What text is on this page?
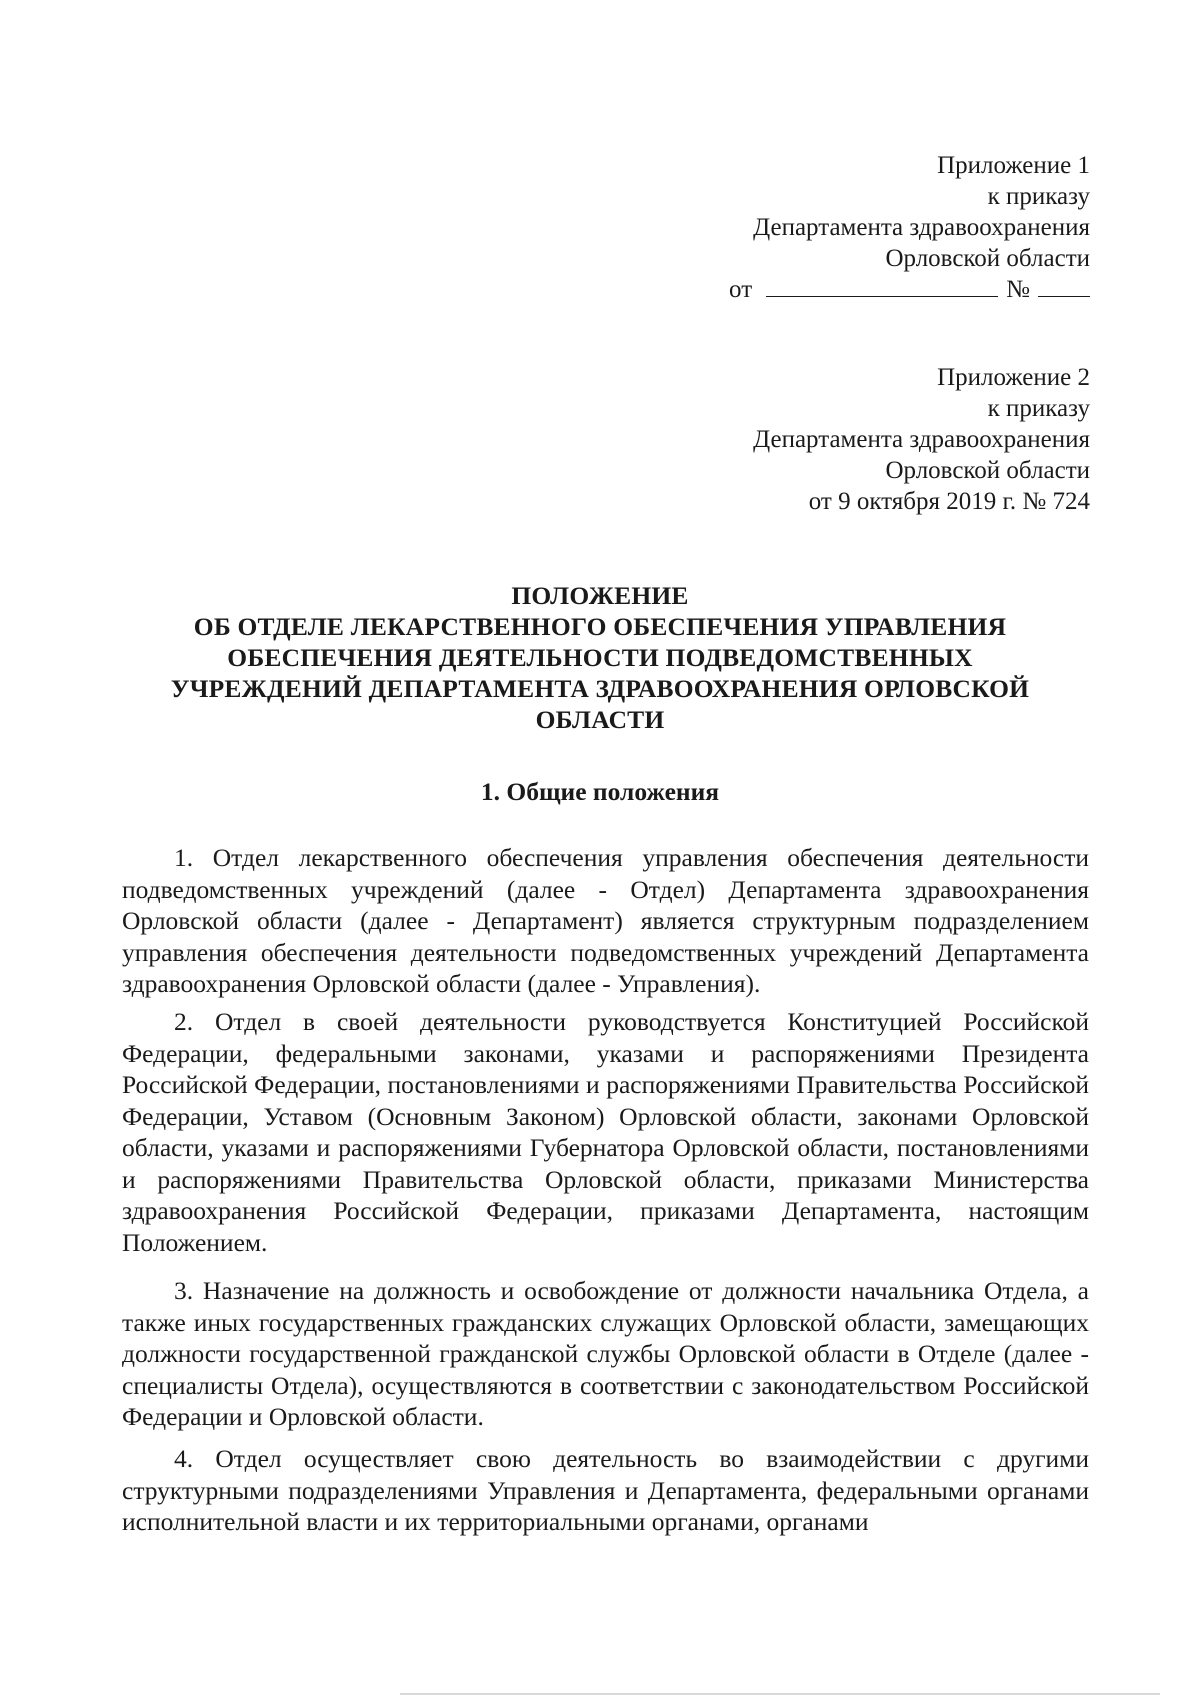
Приложение 1
к приказу
Департамента здравоохранения
Орловской области
от	№
Приложение 2
к приказу
Департамента здравоохранения
Орловской области
от 9 октября 2019 г. № 724
ПОЛОЖЕНИЕ
ОБ ОТДЕЛЕ ЛЕКАРСТВЕННОГО ОБЕСПЕЧЕНИЯ УПРАВЛЕНИЯ
ОБЕСПЕЧЕНИЯ ДЕЯТЕЛЬНОСТИ ПОДВЕДОМСТВЕННЫХ
УЧРЕЖДЕНИЙ ДЕПАРТАМЕНТА ЗДРАВООХРАНЕНИЯ ОРЛОВСКОЙ
ОБЛАСТИ
1. Общие положения

1. Отдел лекарственного обеспечения управления обеспечения деятельности подведомственных учреждений (далее - Отдел) Департамента здравоохранения Орловской области (далее - Департамент) является структурным подразделением управления обеспечения деятельности подведомственных учреждений Департамента здравоохранения Орловской области (далее - Управления).

2. Отдел в своей деятельности руководствуется Конституцией Российской Федерации, федеральными законами, указами и распоряжениями Президента Российской Федерации, постановлениями и распоряжениями Правительства Российской Федерации, Уставом (Основным Законом) Орловской области, законами Орловской области, указами и распоряжениями Губернатора Орловской области, постановлениями и распоряжениями Правительства Орловской области, приказами Министерства здравоохранения Российской Федерации, приказами Департамента, настоящим Положением.

3. Назначение на должность и освобождение от должности начальника Отдела, а также иных государственных гражданских служащих Орловской области, замещающих должности государственной гражданской службы Орловской области в Отделе (далее - специалисты Отдела), осуществляются в соответствии с законодательством Российской Федерации и Орловской области.

4. Отдел осуществляет свою деятельность во взаимодействии с другими структурными подразделениями Управления и Департамента, федеральными органами исполнительной власти и их территориальными органами, органами
